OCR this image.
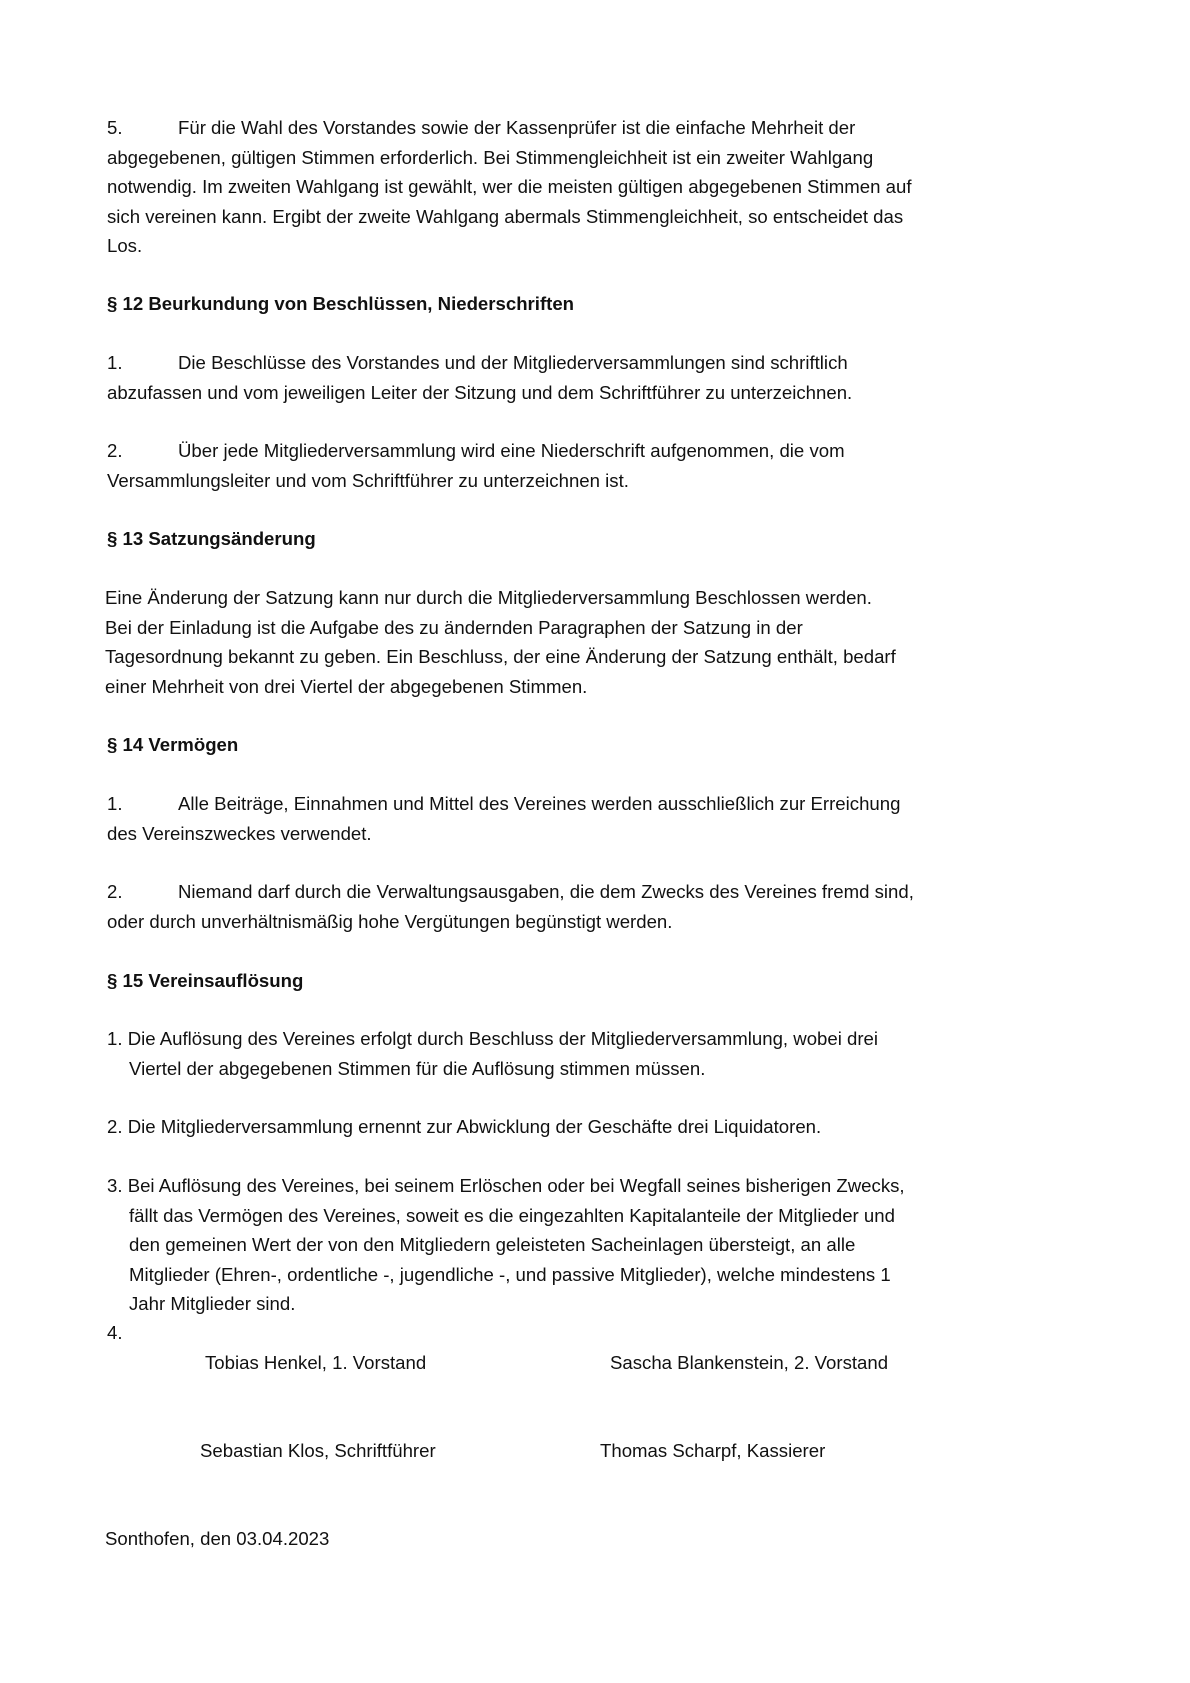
5.	Für die Wahl des Vorstandes sowie der Kassenprüfer ist die einfache Mehrheit der
abgegebenen, gültigen Stimmen erforderlich. Bei Stimmengleichheit ist ein zweiter Wahlgang
notwendig. Im zweiten Wahlgang ist gewählt, wer die meisten gültigen abgegebenen Stimmen auf
sich vereinen kann. Ergibt der zweite Wahlgang abermals Stimmengleichheit, so entscheidet das
Los.
§ 12 Beurkundung von Beschlüssen, Niederschriften
1.	Die Beschlüsse des Vorstandes und der Mitgliederversammlungen sind schriftlich
abzufassen und vom jeweiligen Leiter der Sitzung und dem Schriftführer zu unterzeichnen.
2.	Über jede Mitgliederversammlung wird eine Niederschrift aufgenommen, die vom
Versammlungsleiter und vom Schriftführer zu unterzeichnen ist.
§ 13 Satzungsänderung
Eine Änderung der Satzung kann nur durch die Mitgliederversammlung Beschlossen werden.
Bei der Einladung ist die Aufgabe des zu ändernden Paragraphen der Satzung in der
Tagesordnung bekannt zu geben. Ein Beschluss, der eine Änderung der Satzung enthält, bedarf
einer Mehrheit von drei Viertel der abgegebenen Stimmen.
§ 14 Vermögen
1.	Alle Beiträge, Einnahmen und Mittel des Vereines werden ausschließlich zur Erreichung
des Vereinszweckes verwendet.
2.	Niemand darf durch die Verwaltungsausgaben, die dem Zwecks des Vereines fremd sind,
oder durch unverhältnismäßig hohe Vergütungen begünstigt werden.
§ 15 Vereinsauflösung
1. Die Auflösung des Vereines erfolgt durch Beschluss der Mitgliederversammlung, wobei drei
Viertel der abgegebenen Stimmen für die Auflösung stimmen müssen.
2. Die Mitgliederversammlung ernennt zur Abwicklung der Geschäfte drei Liquidatoren.
3. Bei Auflösung des Vereines, bei seinem Erlöschen oder bei Wegfall seines bisherigen Zwecks,
fällt das Vermögen des Vereines, soweit es die eingezahlten Kapitalanteile der Mitglieder und
den gemeinen Wert der von den Mitgliedern geleisteten Sacheinlagen übersteigt, an alle
Mitglieder (Ehren-, ordentliche -, jugendliche -, und passive Mitglieder), welche mindestens 1
Jahr Mitglieder sind.
4.
Tobias Henkel, 1. Vorstand	Sascha Blankenstein, 2. Vorstand
Sebastian Klos, Schriftführer	Thomas Scharpf, Kassierer
Sonthofen, den 03.04.2023
